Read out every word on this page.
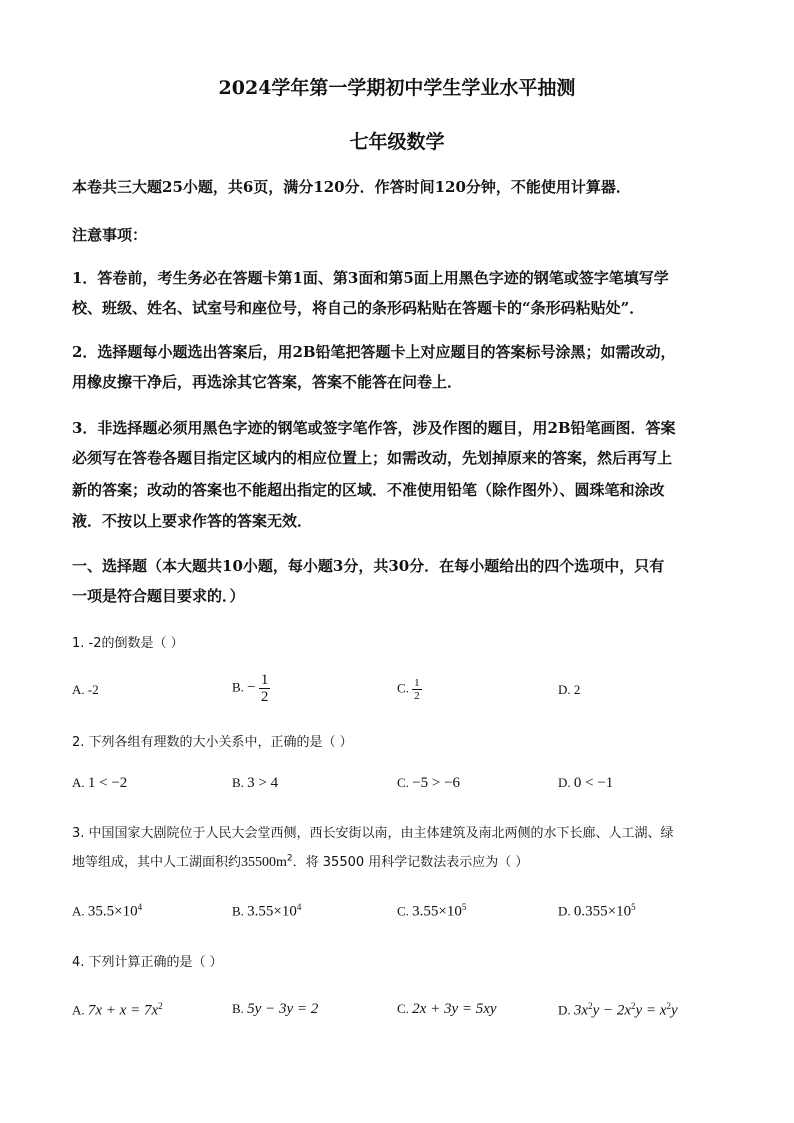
2024学年第一学期初中学生学业水平抽测
七年级数学
本卷共三大题25小题，共6页，满分120分．作答时间120分钟，不能使用计算器．
注意事项：
1．答卷前，考生务必在答题卡第1面、第3面和第5面上用黑色字迹的钢笔或签字笔填写学
校、班级、姓名、试室号和座位号，将自己的条形码粘贴在答题卡的“条形码粘贴处”．
2．选择题每小题选出答案后，用2B铅笔把答题卡上对应题目的答案标号涂黑；如需改动，
用橡皮擦干净后，再选涂其它答案，答案不能答在问卷上．
3．非选择题必须用黑色字迹的钢笔或签字笔作答，涉及作图的题目，用2B铅笔画图．答案
必须写在答卷各题目指定区域内的相应位置上；如需改动，先划掉原来的答案，然后再写上
新的答案；改动的答案也不能超出指定的区域．不准使用铅笔（除作图外）、圆珠笔和涂改
液．不按以上要求作答的答案无效．
一、选择题（本大题共10小题，每小题3分，共30分．在每小题给出的四个选项中，只有
一项是符合题目要求的．）
1. -2的倒数是（ ）
A. -2	B. − $\frac{1}{2}$	C. $\frac{1}{2}$	D. 2
2. 下列各组有理数的大小关系中，正确的是（ ）
A. 1 < −2	B. 3 > 4	C. −5 > −6	D. 0 < −1
3. 中国国家大剧院位于人民大会堂西侧，西长安街以南，由主体建筑及南北两侧的水下长廊、人工湖、绿
地等组成，其中人工湖面积约$35500m^2$．将 35500 用科学记数法表示应为（ ）
A. $35.5\times 10^4$	B. $3.55\times 10^4$	C. $3.55\times 10^5$	D. $0.355\times 10^5$
4. 下列计算正确的是（ ）
A. $7x + x = 7x^2$	B. 5y − 3y = 2	C. 2x + 3y = 5xy	D. $3x^2y - 2x^2y = x^2y$
